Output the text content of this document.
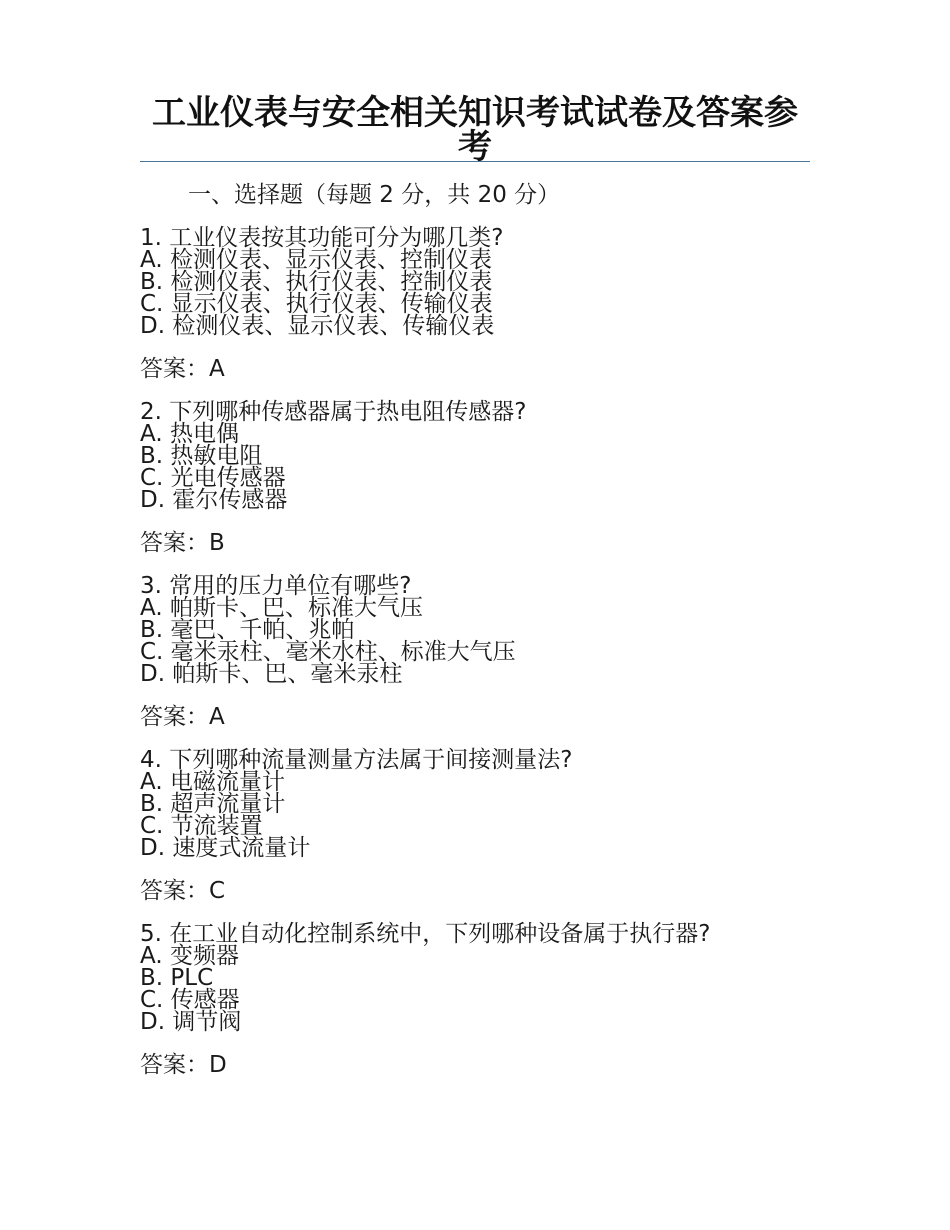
工业仪表与安全相关知识考试试卷及答案参考
一、选择题（每题 2 分，共 20 分）
1. 工业仪表按其功能可分为哪几类?
A. 检测仪表、显示仪表、控制仪表
B. 检测仪表、执行仪表、控制仪表
C. 显示仪表、执行仪表、传输仪表
D. 检测仪表、显示仪表、传输仪表
答案：A
2. 下列哪种传感器属于热电阻传感器?
A. 热电偶
B. 热敏电阻
C. 光电传感器
D. 霍尔传感器
答案：B
3. 常用的压力单位有哪些?
A. 帕斯卡、巴、标准大气压
B. 毫巴、千帕、兆帕
C. 毫米汞柱、毫米水柱、标准大气压
D. 帕斯卡、巴、毫米汞柱
答案：A
4. 下列哪种流量测量方法属于间接测量法?
A. 电磁流量计
B. 超声流量计
C. 节流装置
D. 速度式流量计
答案：C
5. 在工业自动化控制系统中，下列哪种设备属于执行器?
A. 变频器
B. PLC
C. 传感器
D. 调节阀
答案：D
